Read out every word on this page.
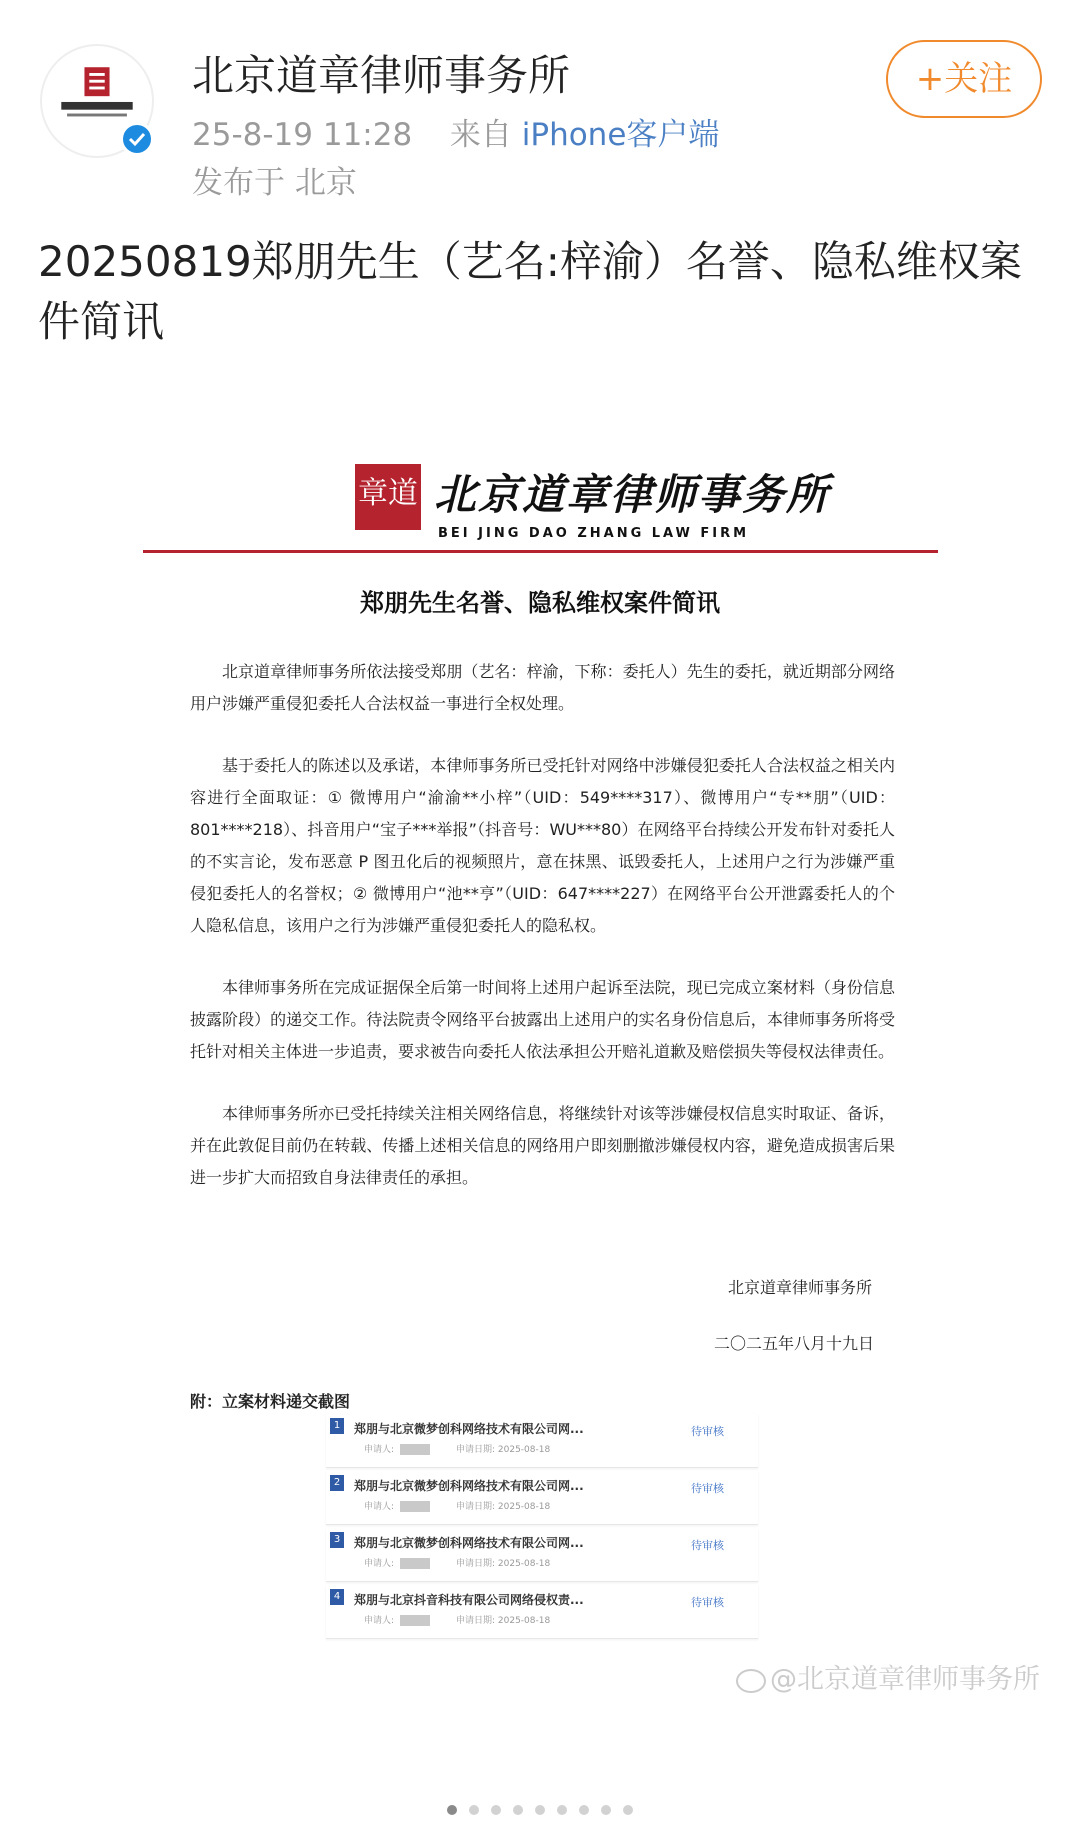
北京道章律师事务所
25-8-19 11:28 来自 iPhone客户端
发布于 北京
+关注
20250819郑朋先生（艺名:梓渝）名誉、隐私维权案件简讯
章道 北京道章律师事务所
BEI JING DAO ZHANG LAW FIRM
郑朋先生名誉、隐私维权案件简讯

北京道章律师事务所依法接受郑朋（艺名：梓渝，下称：委托人）先生的委托，就近期部分网络用户涉嫌严重侵犯委托人合法权益一事进行全权处理。

基于委托人的陈述以及承诺，本律师事务所已受托针对网络中涉嫌侵犯委托人合法权益之相关内容进行全面取证：① 微博用户“渝渝**小梓”（UID：549****317）、微博用户“专**朋”（UID：801****218）、抖音用户“宝子***举报”（抖音号：WU***80）在网络平台持续公开发布针对委托人的不实言论，发布恶意 P 图丑化后的视频照片，意在抹黑、诋毁委托人，上述用户之行为涉嫌严重侵犯委托人的名誉权；② 微博用户“池**亨”（UID：647****227）在网络平台公开泄露委托人的个人隐私信息，该用户之行为涉嫌严重侵犯委托人的隐私权。

本律师事务所在完成证据保全后第一时间将上述用户起诉至法院，现已完成立案材料（身份信息披露阶段）的递交工作。待法院责令网络平台披露出上述用户的实名身份信息后，本律师事务所将受托针对相关主体进一步追责，要求被告向委托人依法承担公开赔礼道歉及赔偿损失等侵权法律责任。

本律师事务所亦已受托持续关注相关网络信息，将继续针对该等涉嫌侵权信息实时取证、备诉，并在此敦促目前仍在转载、传播上述相关信息的网络用户即刻删撤涉嫌侵权内容，避免造成损害后果进一步扩大而招致自身法律责任的承担。

北京道章律师事务所
二〇二五年八月十九日
附：立案材料递交截图
1	郑朋与北京微梦创科网络技术有限公司网...	待审核
申请人:	申请日期: 2025-08-18
2	郑朋与北京微梦创科网络技术有限公司网...	待审核
申请人:	申请日期: 2025-08-18
3	郑朋与北京微梦创科网络技术有限公司网...	待审核
申请人:	申请日期: 2025-08-18
4	郑朋与北京抖音科技有限公司网络侵权责...	待审核
申请人:	申请日期: 2025-08-18
@北京道章律师事务所
